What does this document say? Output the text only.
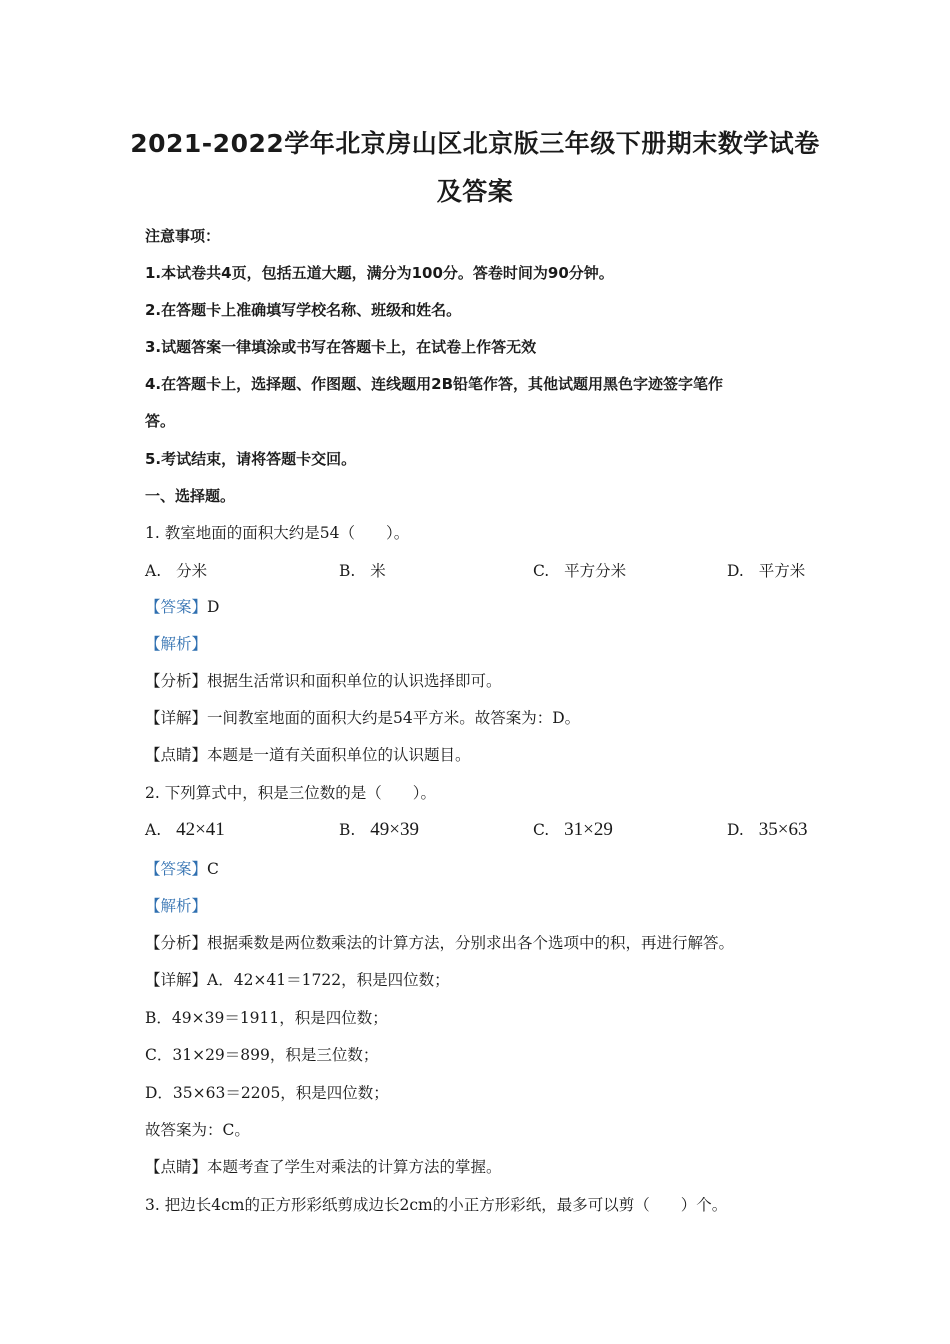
2021-2022学年北京房山区北京版三年级下册期末数学试卷
及答案
注意事项：
1.本试卷共4页，包括五道大题，满分为100分。答卷时间为90分钟。
2.在答题卡上准确填写学校名称、班级和姓名。
3.试题答案一律填涂或书写在答题卡上，在试卷上作答无效
4.在答题卡上，选择题、作图题、连线题用2B铅笔作答，其他试题用黑色字迹签字笔作
答。
5.考试结束，请将答题卡交回。
一、选择题。
1. 教室地面的面积大约是54（　　）。
A. 分米	B. 米	C. 平方分米	D. 平方米
【答案】D
【解析】
【分析】根据生活常识和面积单位的认识选择即可。
【详解】一间教室地面的面积大约是54平方米。故答案为：D。
【点睛】本题是一道有关面积单位的认识题目。
2. 下列算式中，积是三位数的是（　　）。
A. 42×41	B. 49×39	C. 31×29	D. 35×63
【答案】C
【解析】
【分析】根据乘数是两位数乘法的计算方法，分别求出各个选项中的积，再进行解答。
【详解】A．42×41＝1722，积是四位数；
B．49×39＝1911，积是四位数；
C．31×29＝899，积是三位数；
D．35×63＝2205，积是四位数；
故答案为：C。
【点睛】本题考查了学生对乘法的计算方法的掌握。
3. 把边长4cm的正方形彩纸剪成边长2cm的小正方形彩纸，最多可以剪（　　）个。
